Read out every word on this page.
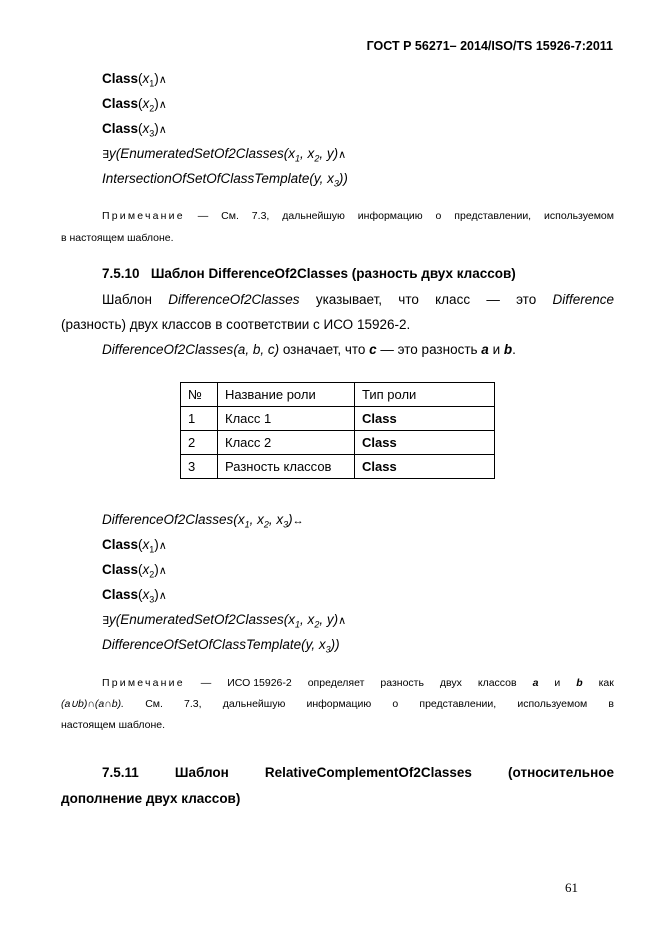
ГОСТ Р 56271– 2014/ISO/TS 15926-7:2011
$Class(x_1)\wedge$
$Class(x_2)\wedge$
$Class(x_3)\wedge$
$\exists y(EnumeratedSetOf2Classes(x_1$, $x_2$, y)∧
IntersectionOfSetOfClassTemplate(y, $x_3$))
Примечание — См. 7.3, дальнейшую информацию о представлении, используемом
в настоящем шаблоне.
7.5.10 Шаблон DifferenceOf2Classes (разность двух классов)
Шаблон DifferenceOf2Classes указывает, что класс — это Difference
(разность) двух классов в соответствии с ИСО 15926-2.
DifferenceOf2Classes(a, b, c) означает, что c — это разность a и b.
№	Название роли	Тип роли
1	Класс 1	Class
2	Класс 2	Class
3	Разность классов	Class
$DifferenceOf2Classes(x_1$, $x_2$, $x_3)\leftrightarrow$
$Class(x_1)\wedge$
$Class(x_2)\wedge$
$Class(x_3)\wedge$
$\exists y(EnumeratedSetOf2Classes(x_1$, $x_2$, y)∧
DifferenceOfSetOfClassTemplate(y, $x_3$))
Примечание — ИСО 15926-2 определяет разность двух классов a и b как
(a∪b)∩(a∩b). См. 7.3, дальнейшую информацию о представлении, используемом в
настоящем шаблоне.
7.5.11	Шаблон	RelativeComplementOf2Classes	(относительное
дополнение двух классов)
61
